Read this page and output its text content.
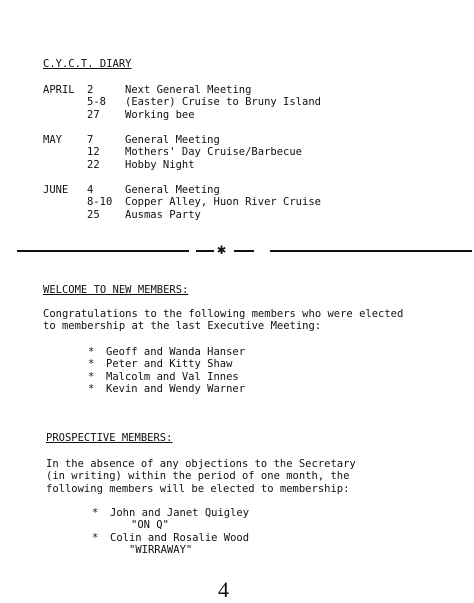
C.Y.C.T. DIARY
APRIL 2	Next General Meeting
5-8 (Easter) Cruise to Bruny Island
27 Working bee
MAY 7	General Meeting
12 Mothers' Day Cruise/Barbecue
22 Hobby Night
JUNE 4	General Meeting
8-10 Copper Alley, Huon River Cruise
25 Ausmas Party
✱
WELCOME TO NEW MEMBERS:
Congratulations to the following members who were elected
to membership at the last Executive Meeting:
* Geoff and Wanda Hanser
* Peter and Kitty Shaw
* Malcolm and Val Innes
* Kevin and Wendy Warner
PROSPECTIVE MEMBERS:
In the absence of any objections to the Secretary
(in writing) within the period of one month, the
following members will be elected to membership:
* John and Janet Quigley
"ON Q"
* Colin and Rosalie Wood
"WIRRAWAY"
4
